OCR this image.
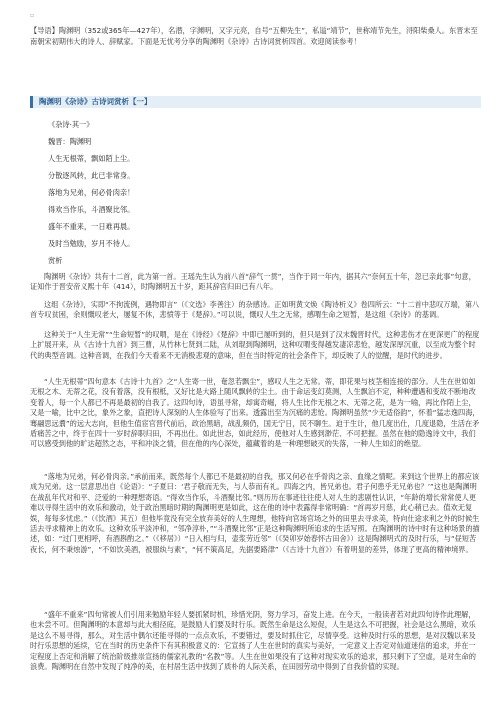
▫
【导语】陶渊明（352或365年—427年），名潜，字渊明，又字元亮，自号“五柳先生”，私谥“靖节”，世称靖节先生，浔阳柴桑人。东晋末至南朝宋初期伟大的诗人、辞赋家。下面是无忧考分享的陶渊明《杂诗》古诗词赏析四首。欢迎阅读参考！
陶渊明《杂诗》古诗词赏析【一】
《杂诗·其一》
魏晋：陶渊明
人生无根蒂，飘如陌上尘。
分散逐风转，此已非常身。
落地为兄弟，何必骨肉亲！
得欢当作乐，斗酒聚比邻。
盛年不重来，一日难再晨。
及时当勉励，岁月不待人。
赏析
陶渊明《杂诗》共有十二首，此为第一首。王瑶先生认为前八首“辞气一贯”，当作于同一年内，据其六“奈何五十年，忽已亲此事”句意，证知作于晋安帝义熙十年（414），时陶渊明五十岁，距其辞官归田已有八年。
这组《杂诗》，实即“不拘流例，遇物即言”（《文选》李善注）的杂感诗。正如明黄文焕《陶诗析义》卷四所云：“十二首中悲叹万端，第八首专叹贫困，余则慨叹老大，屡复不休，悲愤等于《楚辞》。”可以说，慨叹人生之无常，感喟生命之短暂，是这组《杂诗》的基调。
这种关于“人生无常”“生命短暂”的叹喟，是在《诗经》《楚辞》中即已屡听到的，但只是到了汉末魏晋时代，这种悲伤才在更深更广的程度上扩展开来，从《古诗十九首》到三曹，从竹林七贤到二陆，从刘琨到陶渊明，这种叹喟变得越发凄凉悲怆，越发深厚沉重，以至成为整个时代的典型音调。这种音调，在我们今天看来不无消极悲观的意味，但在当时特定的社会条件下，却反映了人的觉醒，是时代的进步。
“人生无根蒂”四句意本《古诗十九首》之“人生寄一世，奄忽若飘尘”，感叹人生之无常。蒂，即花果与枝茎相连接的部分。人生在世如如无根之木、无蒂之花，没有着落，没有根柢，又好比是大路上随风飘转的尘土。由于命运变幻莫测，人生飘泊不定，种种遭遇和变故不断地改变着人，每一个人都已不再是最初的自我了。这四句诗，语虽寻常，却寓奇崛，将人生比作无根之木、无蒂之花，是为一喻，再比作陌上尘，又是一喻，比中之比，象外之象，直把诗人深刻的人生体验写了出来。透露出至为沉痛的悲怆。陶渊明虽然“少无适俗韵”，怀着“猛志逸四海，骞翮思远翥”的远大志向，但他生值宦官晋代前后，政治黑暗，战乱频仍，国无宁日，民不聊生。迫于生计，他几度出仕，几度退隐，生活在矛盾痛苦之中，终于在四十一岁时辞职归田，不再出仕。如此世态，如此经历，使他对人生感到渺茫、不可把握。虽然在他的隐逸诗文中，我们可以感受到他的旷达超然之态，平和冲淡之情，但在他的内心深处，蕴藏着的是一种理想破灭的失落，一种人生如幻的绝望。
“落地为兄弟，何必骨肉亲。”承前而来，既然每个人都已不是最初的自我，那又何必在乎骨肉之亲、血缘之情呢。来到这个世界上的都应该成为兄弟。这一层意思出自《论语》：“子夏曰：‘君子敬而无失，与人恭而有礼。四海之内，皆兄弟也。君子何患乎无兄弟也？’”这也是陶渊明在战乱年代对和平、泛爱的一种理想寄语。“得欢当作乐，斗酒聚比邻。”则历历在事迹往往使人对人生的悲剧性认识，“年龄的增长常常使人更难以寻得生活中的欢乐和激动，处于政治黑暗时期的陶渊明更是如此，这在他的诗中表露得非常明确：“首再岁月慈，此心稍已去。值欢无复娱，每每多忧虑。”（《饮酒》其五）但他毕竟没有完全放弃美好的人生理想，他特向官场官场之外的田里去寻求美，特向仕途求利之外的时候生活去寻求精神上的欢乐。这种欢乐平淡冲和，“邻净淳朴，”“斗酒聚比邻”正是这种陶渊明所追求的生活写照。在陶渊明的诗中时有这种场景的描述，如：“过门更相呼，有酒斟酌之。”（《移居》）“日入相与归，壶浆劳近邻”（《癸卯岁始春怀古田舍》）这是陶渊明式的及时行乐，与“昼短苦夜长，何不秉烛游”，“不如饮美酒，被服纨与素”，“何不策高足，先据要路津”（《古诗十九首》）有着明显的差异，体现了更高的精神境界。
“盛年不重来”四句常被人们引用来勉励年轻人要抓紧时机，珍惜光阴，努力学习，奋发上进。在今天，一般读者若对此四句诗作此理解，也未尝不可。但陶渊明的本意却与此大相径庭，是鼓励人们要及时行乐。既然生命是这么短促，人生是这么不可把握，社会是这么黑暗，欢乐是这么不易寻得，那么，对生活中偶尔还能寻得的一点点欢乐，不要错过，要及时抓住它，尽情享受。这种及时行乐的思想，是对汉魏以来及时行乐思想的延续，它在当时的历史条件下有其积极意义的：它宣扬了人生在世时的真实与美好，一定意义上否定对仙道迷信的追求，并在一定程度上否定和消解了统治阶级推崇宣扬的儒家礼教的“名教”等。人生在世如果没有了这种对现实欢乐的追求，那只剩下了空虚，是对生命的浪费。陶渊明在自然中发现了纯净的美，在村居生活中找到了质朴的人际关系，在田园劳动中得到了自我价值的实现。
